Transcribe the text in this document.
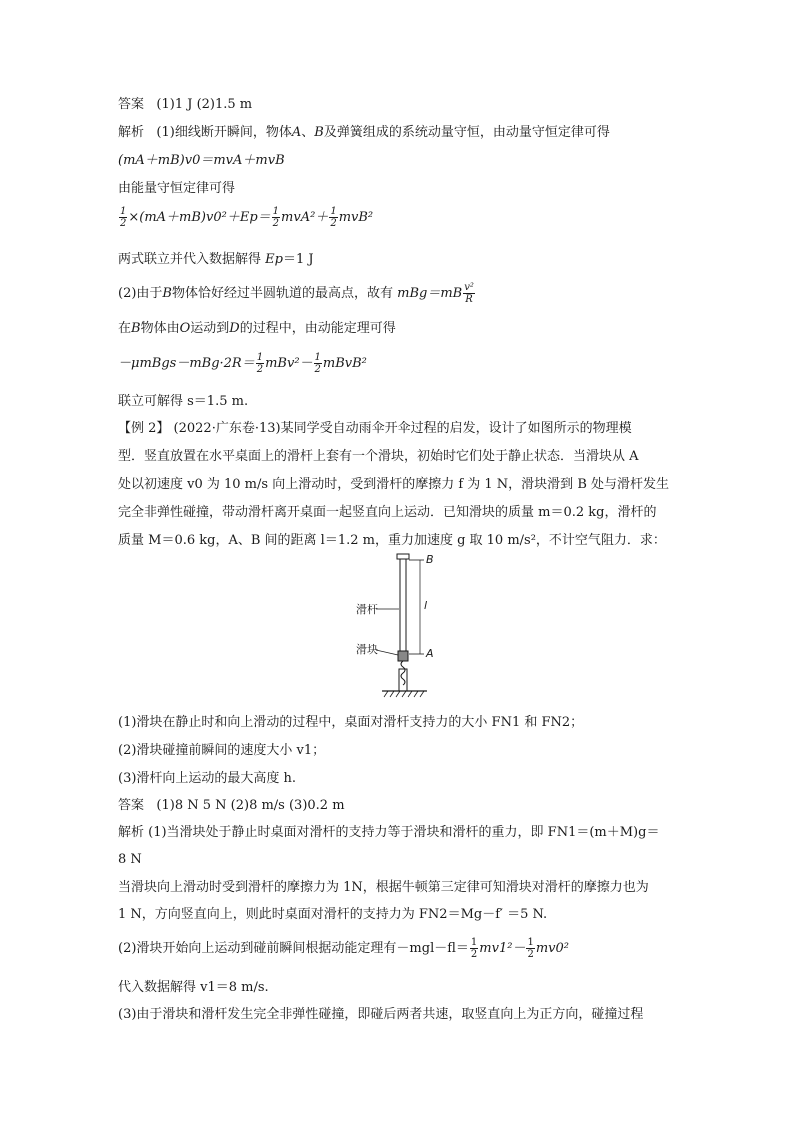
答案 (1)1 J (2)1.5 m
解析 (1)细线断开瞬间，物体A、B及弹簧组成的系统动量守恒，由动量守恒定律可得
(mA＋mB)v0＝mvA＋mvB
由能量守恒定律可得
$\frac{1}{2} \times(mA+mB)v0^2+Ep= \frac{1}{2} mvA^2+ \frac{1}{2} mvB^2$
两式联立并代入数据解得 Ep＝1 J
(2)由于B物体恰好经过半圆轨道的最高点，故有 $mBg=mB \frac{\text{v²}}{R}$
在B物体由O运动到D的过程中，由动能定理可得
－μmBgs－mBg·2R＝ $\frac{1}{2} mBv^2- \frac{1}{2}$ mBvB²
联立可解得 s＝1.5 m.
【例 2】 (2022·广东卷·13)某同学受自动雨伞开伞过程的启发，设计了如图所示的物理模
型．竖直放置在水平桌面上的滑杆上套有一个滑块，初始时它们处于静止状态．当滑块从 A
处以初速度 v0 为 10 m/s 向上滑动时，受到滑杆的摩擦力 f 为 1 N，滑块滑到 B 处与滑杆发生
完全非弹性碰撞，带动滑杆离开桌面一起竖直向上运动．已知滑块的质量 m＝0.2 kg，滑杆的
质量 M＝0.6 kg，A、B 间的距离 l＝1.2 m，重力加速度 g 取 10 m/s²，不计空气阻力．求：
B
l
A
滑杆
滑块
(1)滑块在静止时和向上滑动的过程中，桌面对滑杆支持力的大小 FN1 和 FN2；
(2)滑块碰撞前瞬间的速度大小 v1；
(3)滑杆向上运动的最大高度 h.
答案 (1)8 N 5 N (2)8 m/s (3)0.2 m
解析 (1)当滑块处于静止时桌面对滑杆的支持力等于滑块和滑杆的重力，即 FN1＝(m＋M)g＝
8 N
当滑块向上滑动时受到滑杆的摩擦力为 1N，根据牛顿第三定律可知滑块对滑杆的摩擦力也为
1 N，方向竖直向上，则此时桌面对滑杆的支持力为 FN2＝Mg－f′ ＝5 N.
(2)滑块开始向上运动到碰前瞬间根据动能定理有$-mgl-fl= \frac{1}{2} mv1^2- \frac{1}{2} mv0^2$
代入数据解得 v1＝8 m/s.
(3)由于滑块和滑杆发生完全非弹性碰撞，即碰后两者共速，取竖直向上为正方向，碰撞过程
